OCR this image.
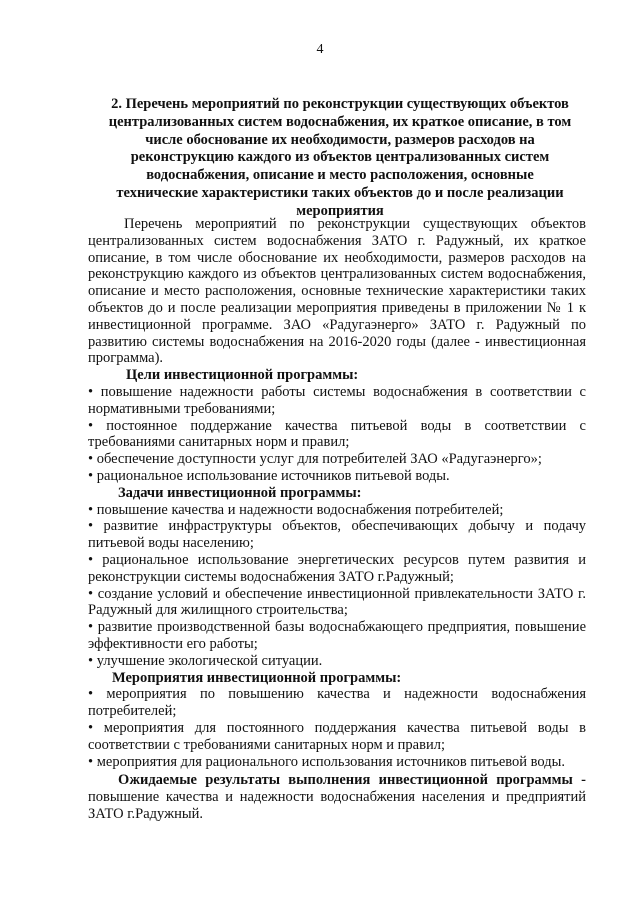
4
2. Перечень мероприятий по реконструкции существующих объектов централизованных систем водоснабжения, их краткое описание, в том числе обоснование их необходимости, размеров расходов на реконструкцию каждого из объектов централизованных систем водоснабжения, описание и место расположения, основные технические характеристики таких объектов до и после реализации мероприятия

Перечень мероприятий по реконструкции существующих объектов централизованных систем водоснабжения ЗАТО г. Радужный, их краткое описание, в том числе обоснование их необходимости, размеров расходов на реконструкцию каждого из объектов централизованных систем водоснабжения, описание и место расположения, основные технические характеристики таких объектов до и после реализации мероприятия приведены в приложении № 1 к инвестиционной программе. ЗАО «Радугаэнерго» ЗАТО г. Радужный по развитию системы водоснабжения на 2016-2020 годы (далее - инвестиционная программа).

Цели инвестиционной программы:

• повышение надежности работы системы водоснабжения в соответствии с нормативными требованиями;
• постоянное поддержание качества питьевой воды в соответствии с требованиями санитарных норм и правил;
• обеспечение доступности услуг для потребителей ЗАО «Радугаэнерго»;
• рациональное использование источников питьевой воды.

Задачи инвестиционной программы:

• повышение качества и надежности водоснабжения потребителей;
• развитие инфраструктуры объектов, обеспечивающих добычу и подачу питьевой воды населению;
• рациональное использование энергетических ресурсов путем развития и реконструкции системы водоснабжения ЗАТО г.Радужный;
• создание условий и обеспечение инвестиционной привлекательности ЗАТО г. Радужный для жилищного строительства;
• развитие производственной базы водоснабжающего предприятия, повышение эффективности его работы;
• улучшение экологической ситуации.

Мероприятия инвестиционной программы:

• мероприятия по повышению качества и надежности водоснабжения потребителей;
• мероприятия для постоянного поддержания качества питьевой воды в соответствии с требованиями санитарных норм и правил;
• мероприятия для рационального использования источников питьевой воды.

Ожидаемые результаты выполнения инвестиционной программы - повышение качества и надежности водоснабжения населения и предприятий ЗАТО г.Радужный.
